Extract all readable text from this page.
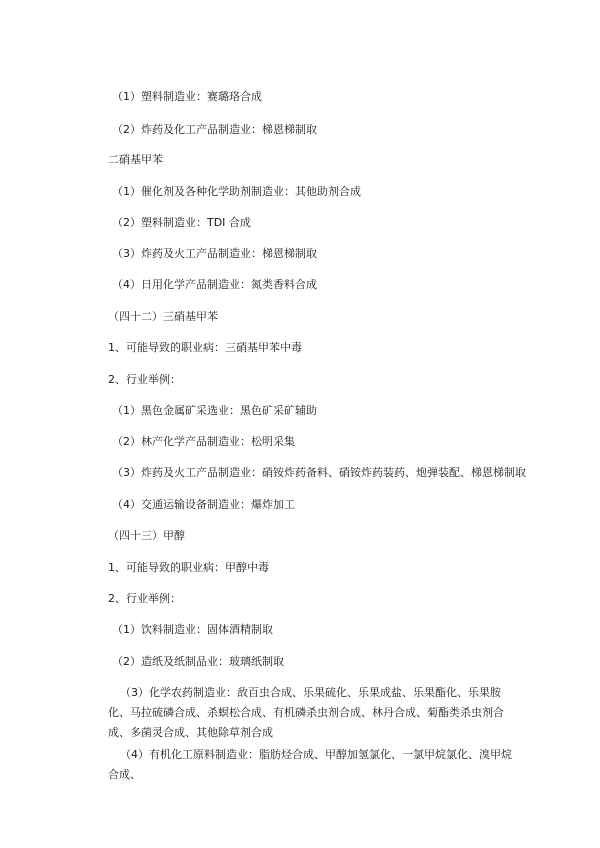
（1）塑料制造业：赛璐珞合成
（2）炸药及化工产品制造业：梯恩梯制取
二硝基甲苯
（1）催化剂及各种化学助剂制造业：其他助剂合成
（2）塑料制造业：TDI 合成
（3）炸药及火工产品制造业：梯恩梯制取
（4）日用化学产品制造业：氮类香料合成
（四十二）三硝基甲苯
1、可能导致的职业病：三硝基甲苯中毒
2、行业举例：
（1）黑色金属矿采选业：黑色矿采矿辅助
（2）林产化学产品制造业：松明采集
（3）炸药及火工产品制造业：硝铵炸药备料、硝铵炸药装药、炮弹装配、梯恩梯制取
（4）交通运输设备制造业：爆炸加工
（四十三）甲醇
1、可能导致的职业病：甲醇中毒
2、行业举例：
（1）饮料制造业：固体酒精制取
（2）造纸及纸制品业：玻璃纸制取
（3）化学农药制造业：敌百虫合成、乐果硫化、乐果成盐、乐果酯化、乐果胺化、马拉硫磷合成、杀螟松合成、有机磷杀虫剂合成、林丹合成、菊酯类杀虫剂合成、多菌灵合成、其他除草剂合成
（4）有机化工原料制造业：脂肪烃合成、甲醇加氢氯化、一氯甲烷氯化、溴甲烷合成、
